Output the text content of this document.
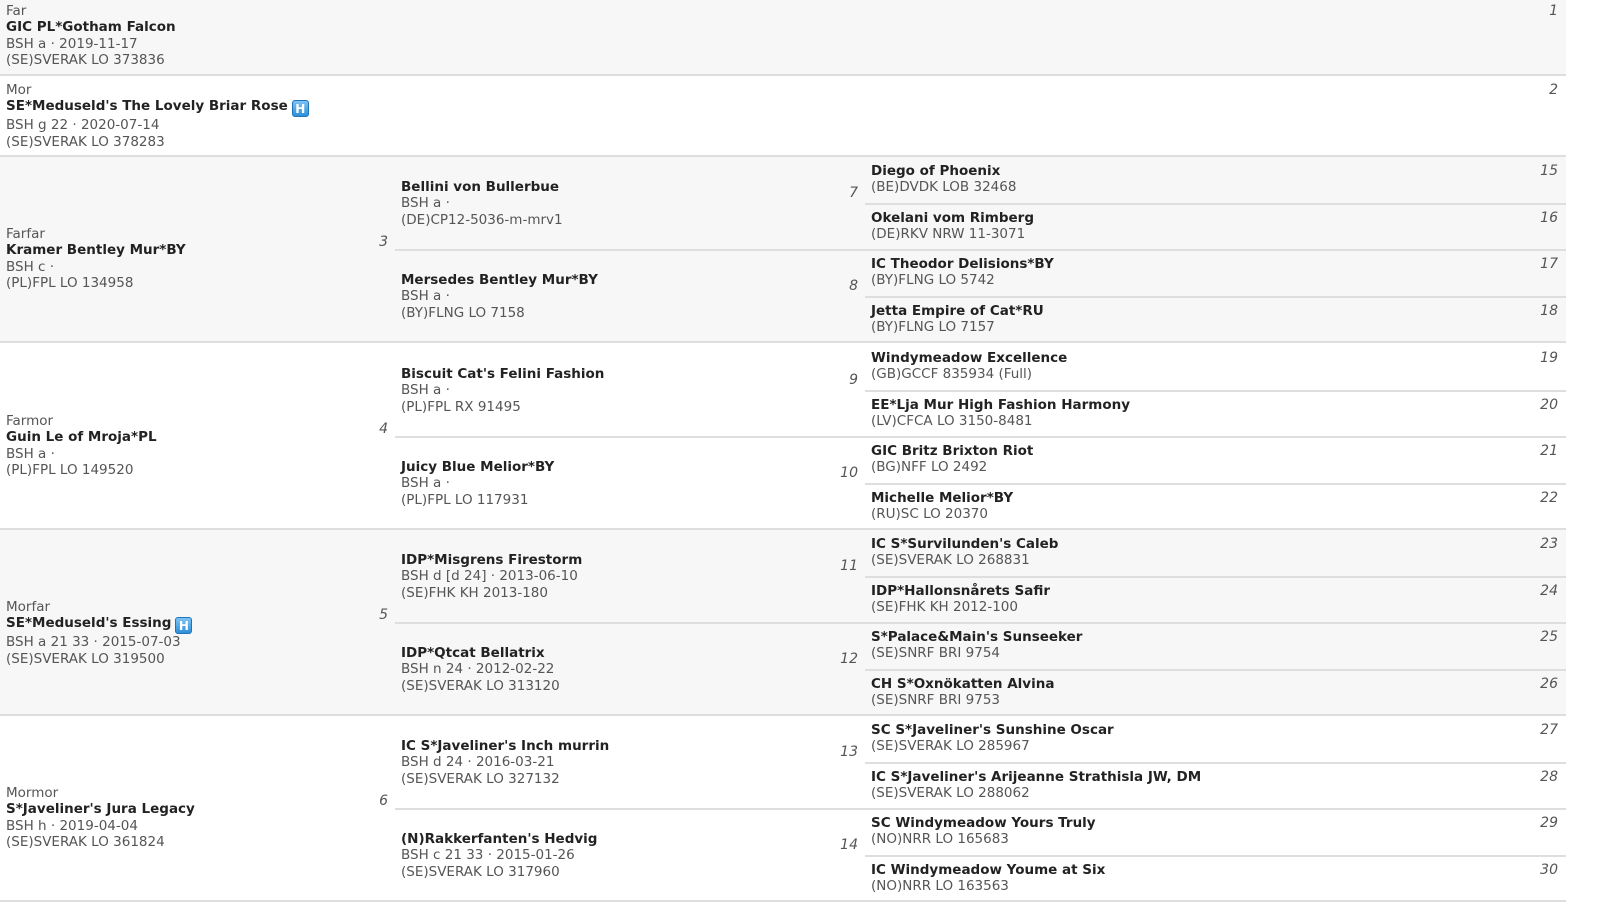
Far
GIC PL*Gotham Falcon
BSH a · 2019-11-17
(SE)SVERAK LO 373836
1
Mor
SE*Meduseld's The Lovely Briar Rose H
BSH g 22 · 2020-07-14
(SE)SVERAK LO 378283
2
Farfar
Kramer Bentley Mur*BY
BSH c ·
(PL)FPL LO 134958
3
Bellini von Bullerbue
BSH a ·
(DE)CP12-5036-m-mrv1
7
Diego of Phoenix
(BE)DVDK LOB 32468
15
Okelani vom Rimberg
(DE)RKV NRW 11-3071
16
Mersedes Bentley Mur*BY
BSH a ·
(BY)FLNG LO 7158
8
IC Theodor Delisions*BY
(BY)FLNG LO 5742
17
Jetta Empire of Cat*RU
(BY)FLNG LO 7157
18
Farmor
Guin Le of Mroja*PL
BSH a ·
(PL)FPL LO 149520
4
Biscuit Cat's Felini Fashion
BSH a ·
(PL)FPL RX 91495
9
Windymeadow Excellence
(GB)GCCF 835934 (Full)
19
EE*Lja Mur High Fashion Harmony
(LV)CFCA LO 3150-8481
20
Juicy Blue Melior*BY
BSH a ·
(PL)FPL LO 117931
10
GIC Britz Brixton Riot
(BG)NFF LO 2492
21
Michelle Melior*BY
(RU)SC LO 20370
22
Morfar
SE*Meduseld's Essing H
BSH a 21 33 · 2015-07-03
(SE)SVERAK LO 319500
5
IDP*Misgrens Firestorm
BSH d [d 24] · 2013-06-10
(SE)FHK KH 2013-180
11
IC S*Survilunden's Caleb
(SE)SVERAK LO 268831
23
IDP*Hallonsnårets Safir
(SE)FHK KH 2012-100
24
IDP*Qtcat Bellatrix
BSH n 24 · 2012-02-22
(SE)SVERAK LO 313120
12
S*Palace&Main's Sunseeker
(SE)SNRF BRI 9754
25
CH S*Oxnökatten Alvina
(SE)SNRF BRI 9753
26
Mormor
S*Javeliner's Jura Legacy
BSH h · 2019-04-04
(SE)SVERAK LO 361824
6
IC S*Javeliner's Inch murrin
BSH d 24 · 2016-03-21
(SE)SVERAK LO 327132
13
SC S*Javeliner's Sunshine Oscar
(SE)SVERAK LO 285967
27
IC S*Javeliner's Arijeanne Strathisla JW, DM
(SE)SVERAK LO 288062
28
(N)Rakkerfanten's Hedvig
BSH c 21 33 · 2015-01-26
(SE)SVERAK LO 317960
14
SC Windymeadow Yours Truly
(NO)NRR LO 165683
29
IC Windymeadow Youme at Six
(NO)NRR LO 163563
30
